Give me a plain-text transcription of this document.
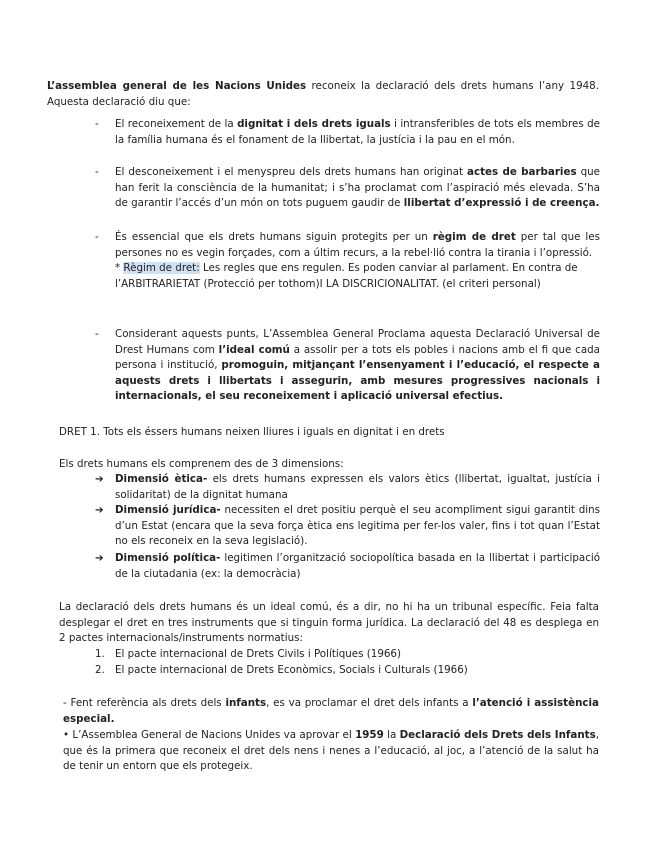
L’assemblea general de les Nacions Unides reconeix la declaració dels drets humans l’any 1948. Aquesta declaració diu que:

- El reconeixement de la dignitat i dels drets iguals i intransferibles de tots els membres de la família humana és el fonament de la llibertat, la justícia i la pau en el món.

- El desconeixement i el menyspreu dels drets humans han originat actes de barbaries que han ferit la consciència de la humanitat; i s’ha proclamat com l’aspiració més elevada. S’ha de garantir l’accés d’un món on tots puguem gaudir de llibertat d’expressió i de creença.

- És essencial que els drets humans siguin protegits per un règim de dret per tal que les persones no es vegin forçades, com a últim recurs, a la rebel·lió contra la tirania i l’opressió.

* Règim de dret: Les regles que ens regulen. Es poden canviar al parlament. En contra de l’ARBITRARIETAT (Protecció per tothom)I LA DISCRICIONALITAT. (el criteri personal)

- Considerant aquests punts, L’Assemblea General Proclama aquesta Declaració Universal de Drest Humans com l’ideal comú a assolir per a tots els pobles i nacions amb el fi que cada persona i institució, promoguin, mitjançant l’ensenyament i l’educació, el respecte a aquests drets i llibertats i assegurin, amb mesures progressives nacionals i internacionals, el seu reconeixement i aplicació universal efectius.

DRET 1. Tots els éssers humans neixen lliures i iguals en dignitat i en drets

Els drets humans els comprenem des de 3 dimensions:

➔ Dimensió ètica- els drets humans expressen els valors ètics (llibertat, igualtat, justícia i solidaritat) de la dignitat humana

➔ Dimensió jurídica- necessiten el dret positiu perquè el seu acompliment sigui garantit dins d’un Estat (encara que la seva força ètica ens legitima per fer-los valer, fins i tot quan l’Estat no els reconeix en la seva legislació).

➔ Dimensió política- legitimen l’organització sociopolítica basada en la llibertat i participació de la ciutadania (ex: la democràcia)

La declaració dels drets humans és un ideal comú, és a dir, no hi ha un tribunal específic. Feia falta desplegar el dret en tres instruments que si tinguin forma jurídica. La declaració del 48 es desplega en 2 pactes internacionals/instruments normatius:

1. El pacte internacional de Drets Civils i Polítiques (1966)

2. El pacte internacional de Drets Econòmics, Socials i Culturals (1966)

- Fent referència als drets dels infants, es va proclamar el dret dels infants a l’atenció i assistència especial.

• L’Assemblea General de Nacions Unides va aprovar el 1959 la Declaració dels Drets dels Infants, que és la primera que reconeix el dret dels nens i nenes a l’educació, al joc, a l’atenció de la salut ha de tenir un entorn que els protegeix.
